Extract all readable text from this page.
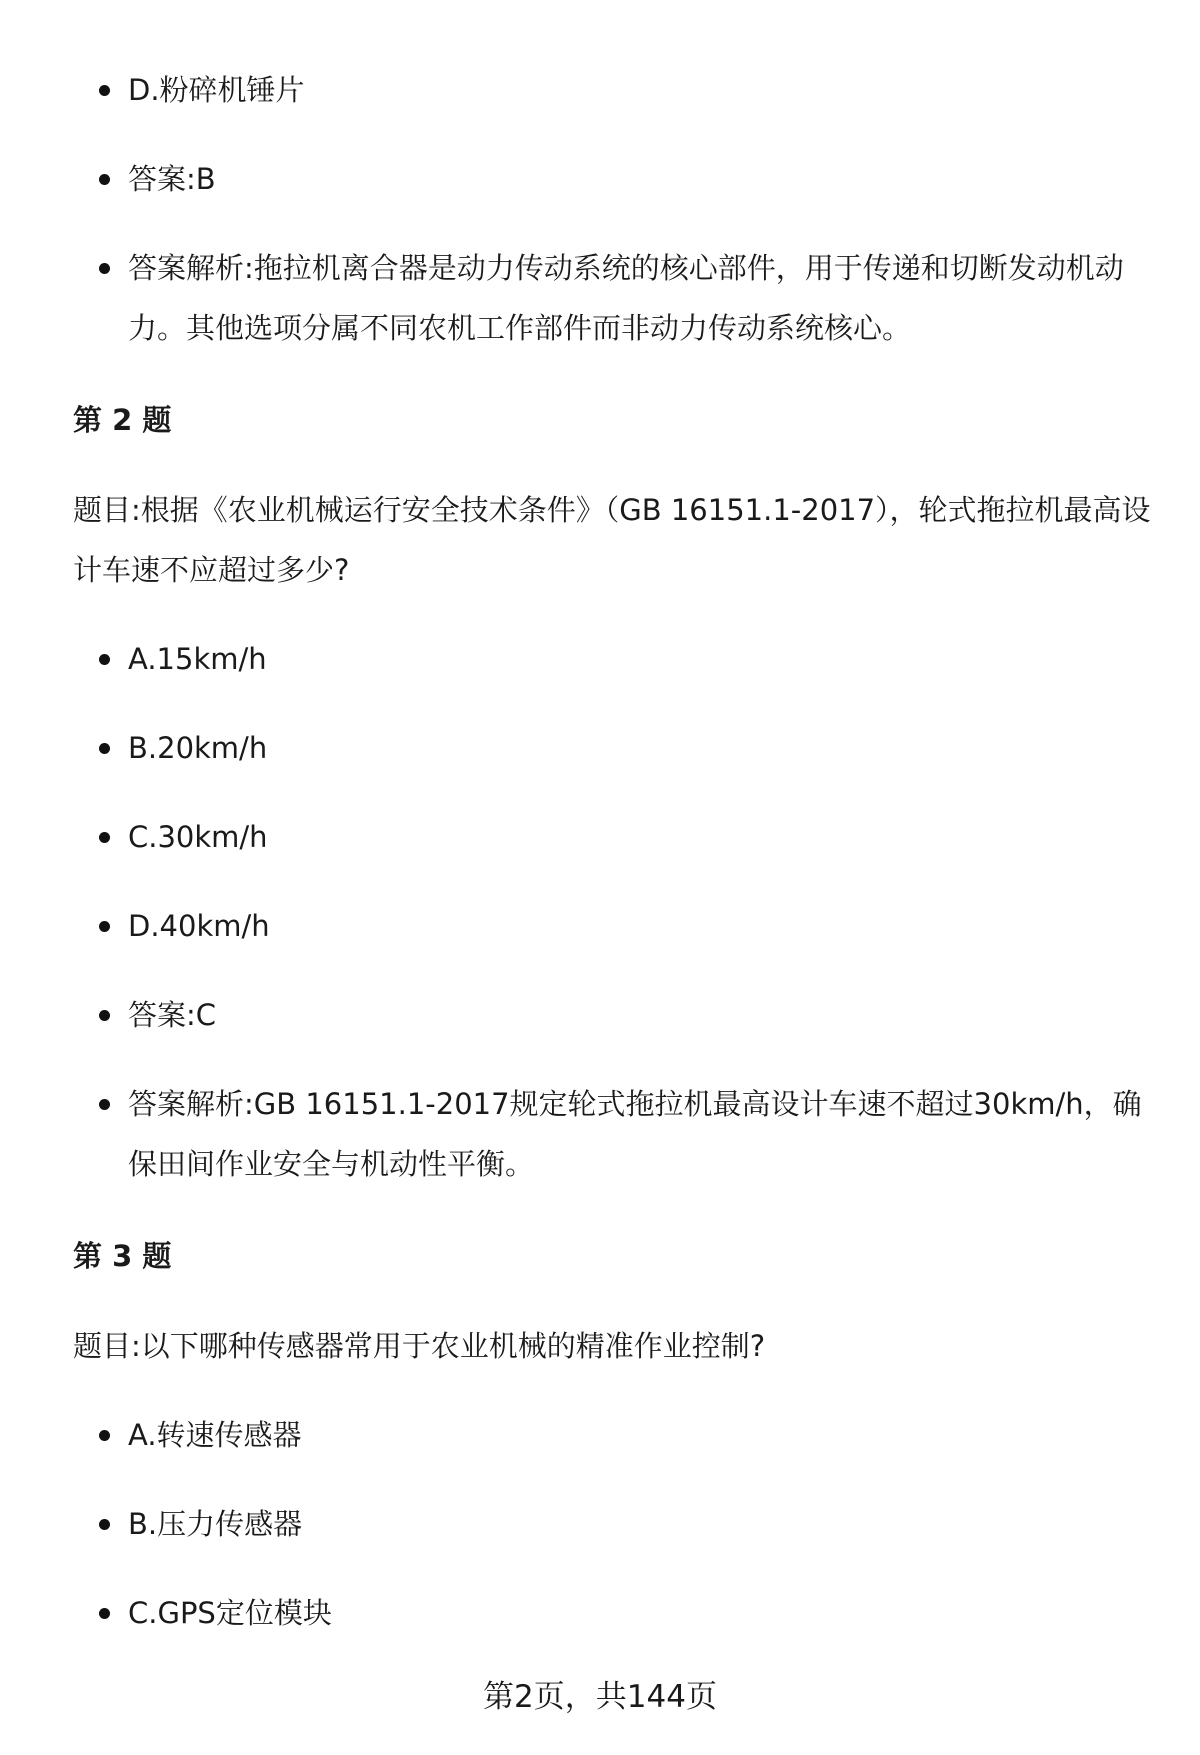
D.粉碎机锤片
答案:B
答案解析:拖拉机离合器是动力传动系统的核心部件，用于传递和切断发动机动力。其他选项分属不同农机工作部件而非动力传动系统核心。
第 2 题
题目:根据《农业机械运行安全技术条件》（GB 16151.1-2017），轮式拖拉机最高设计车速不应超过多少?
A.15km/h
B.20km/h
C.30km/h
D.40km/h
答案:C
答案解析:GB 16151.1-2017规定轮式拖拉机最高设计车速不超过30km/h，确保田间作业安全与机动性平衡。
第 3 题
题目:以下哪种传感器常用于农业机械的精准作业控制?
A.转速传感器
B.压力传感器
C.GPS定位模块
第2页，共144页
